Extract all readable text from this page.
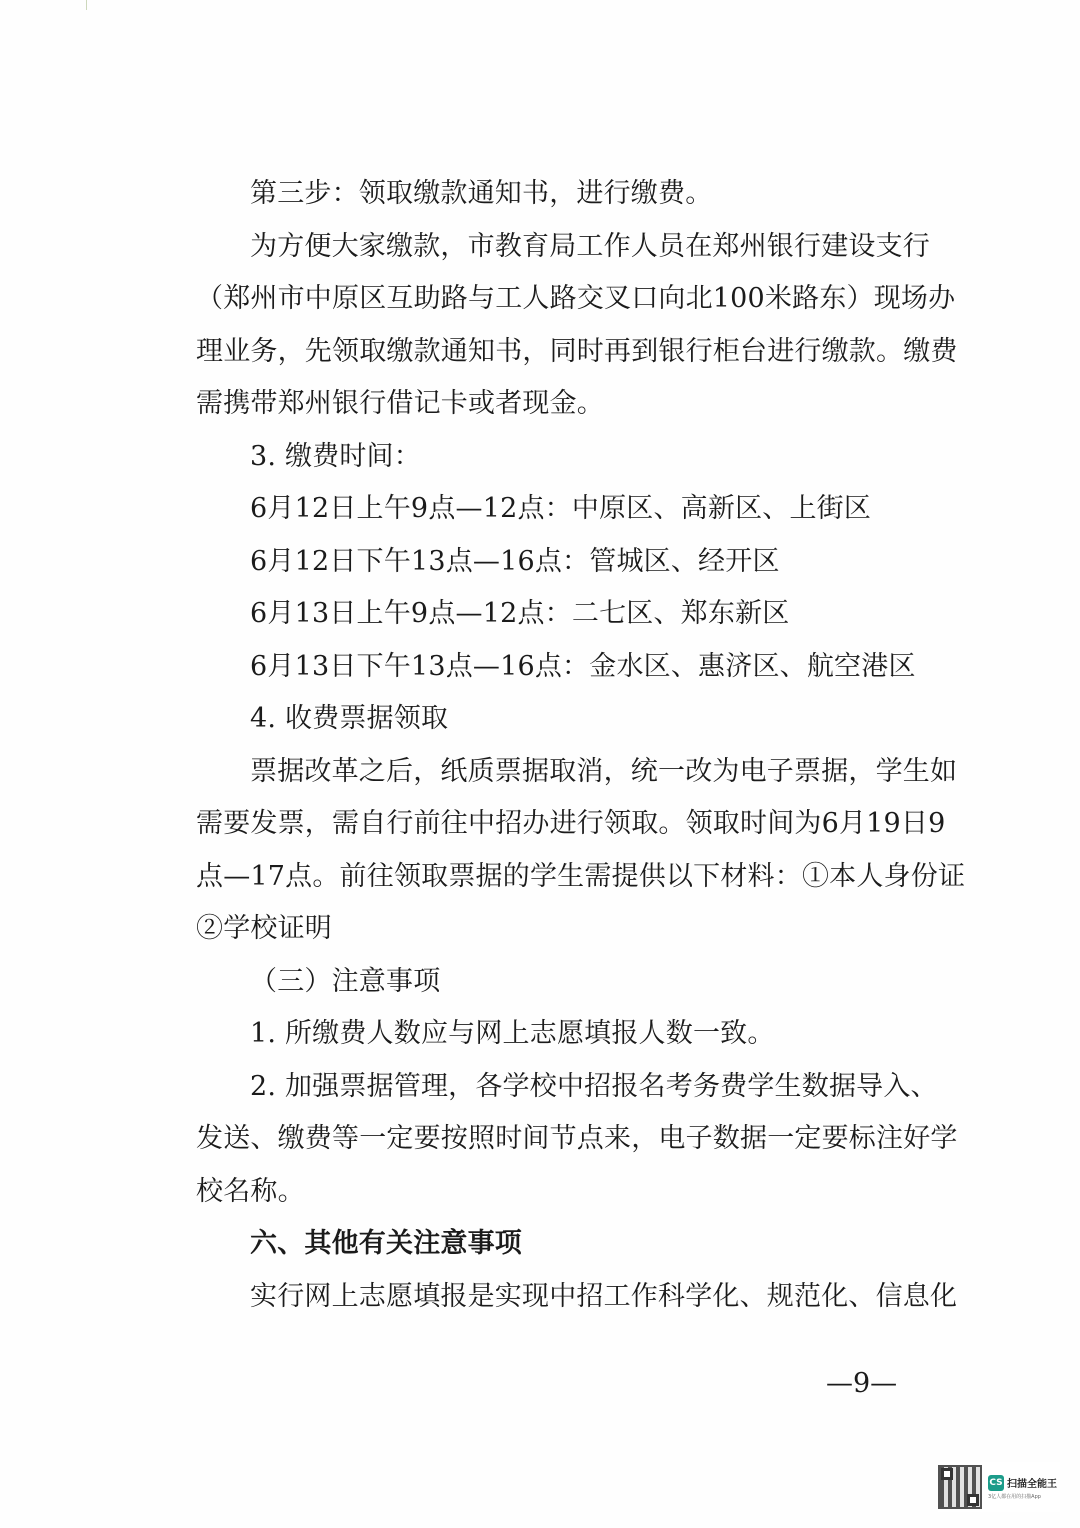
第三步：领取缴款通知书，进行缴费。
为方便大家缴款，市教育局工作人员在郑州银行建设支行
（郑州市中原区互助路与工人路交叉口向北100米路东）现场办
理业务，先领取缴款通知书，同时再到银行柜台进行缴款。缴费
需携带郑州银行借记卡或者现金。
3. 缴费时间：
6月12日上午9点—12点：中原区、高新区、上街区
6月12日下午13点—16点：管城区、经开区
6月13日上午9点—12点：二七区、郑东新区
6月13日下午13点—16点：金水区、惠济区、航空港区
4. 收费票据领取
票据改革之后，纸质票据取消，统一改为电子票据，学生如
需要发票，需自行前往中招办进行领取。领取时间为6月19日9
点—17点。前往领取票据的学生需提供以下材料：①本人身份证
②学校证明
（三）注意事项
1. 所缴费人数应与网上志愿填报人数一致。
2. 加强票据管理，各学校中招报名考务费学生数据导入、
发送、缴费等一定要按照时间节点来，电子数据一定要标注好学
校名称。
六、其他有关注意事项
实行网上志愿填报是实现中招工作科学化、规范化、信息化
—9—
CS 扫描全能王
3亿人都在用的扫描App
